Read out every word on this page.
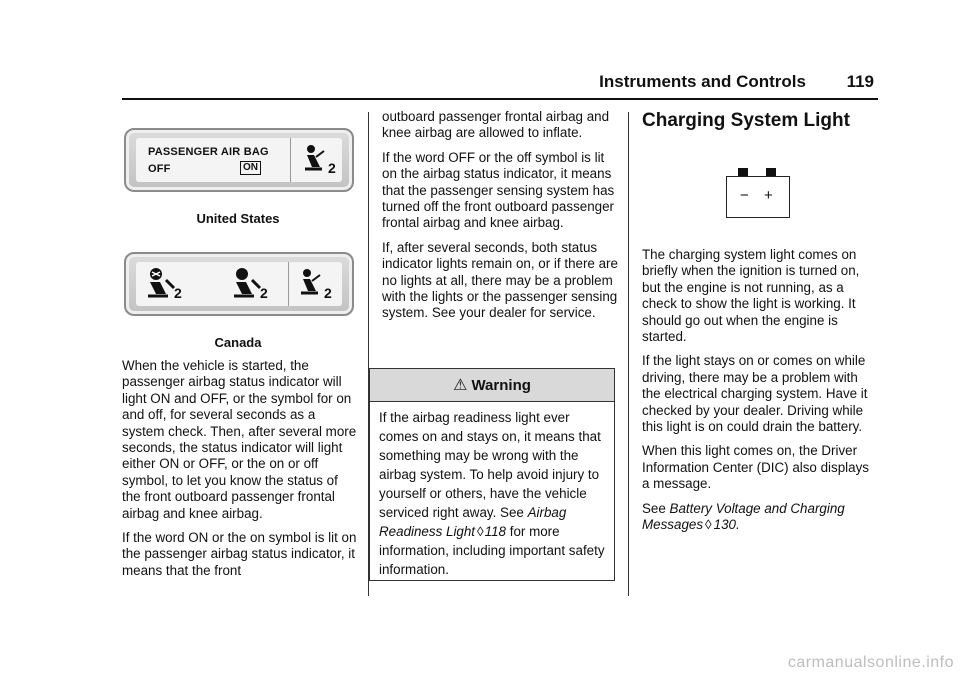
Instruments and Controls 119
PASSENGER AIR BAG
OFF	ON	2
United States
2	2	2
Canada

When the vehicle is started, the passenger airbag status indicator will light ON and OFF, or the symbol for on and off, for several seconds as a system check. Then, after several more seconds, the status indicator will light either ON or OFF, or the on or off symbol, to let you know the status of the front outboard passenger frontal airbag and knee airbag.

If the word ON or the on symbol is lit on the passenger airbag status indicator, it means that the front

outboard passenger frontal airbag and knee airbag are allowed to inflate.

If the word OFF or the off symbol is lit on the airbag status indicator, it means that the passenger sensing system has turned off the front outboard passenger frontal airbag and knee airbag.

If, after several seconds, both status indicator lights remain on, or if there are no lights at all, there may be a problem with the lights or the passenger sensing system. See your dealer for service.

⚠ Warning
If the airbag readiness light ever comes on and stays on, it means that something may be wrong with the airbag system. To help avoid injury to yourself or others, have the vehicle serviced right away. See Airbag Readiness Light ◊118 for more information, including important safety information.
Charging System Light
− +

The charging system light comes on briefly when the ignition is turned on, but the engine is not running, as a check to show the light is working. It should go out when the engine is started.

If the light stays on or comes on while driving, there may be a problem with the electrical charging system. Have it checked by your dealer. Driving while this light is on could drain the battery.

When this light comes on, the Driver Information Center (DIC) also displays a message.

See Battery Voltage and Charging Messages ◊ 130.

carmanualsonline.info
